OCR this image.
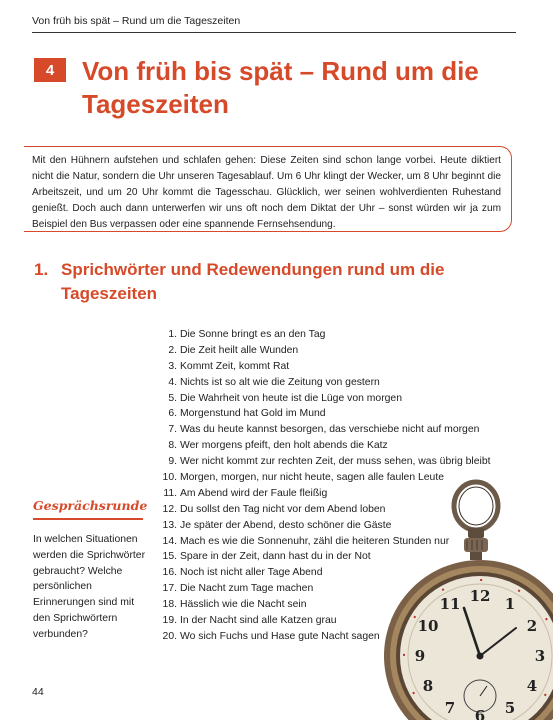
Von früh bis spät – Rund um die Tageszeiten
4	Von früh bis spät – Rund um die Tageszeiten

Mit den Hühnern aufstehen und schlafen gehen: Diese Zeiten sind schon lange vorbei. Heute diktiert nicht die Natur, sondern die Uhr unseren Tagesablauf. Um 6 Uhr klingt der Wecker, um 8 Uhr beginnt die Arbeitszeit, und um 20 Uhr kommt die Tagesschau. Glücklich, wer seinen wohlverdienten Ruhestand genießt. Doch auch dann unterwerfen wir uns oft noch dem Diktat der Uhr – sonst würden wir ja zum Beispiel den Bus verpassen oder eine spannende Fernsehsendung.

1. Sprichwörter und Redewendungen rund um die Tageszeiten
1. Die Sonne bringt es an den Tag
2. Die Zeit heilt alle Wunden
3. Kommt Zeit, kommt Rat
4. Nichts ist so alt wie die Zeitung von gestern
5. Die Wahrheit von heute ist die Lüge von morgen
6. Morgenstund hat Gold im Mund
7. Was du heute kannst besorgen, das verschiebe nicht auf morgen
8. Wer morgens pfeift, den holt abends die Katz
9. Wer nicht kommt zur rechten Zeit, der muss sehen, was übrig bleibt
10. Morgen, morgen, nur nicht heute, sagen alle faulen Leute
11. Am Abend wird der Faule fleißig
12. Du sollst den Tag nicht vor dem Abend loben
13. Je später der Abend, desto schöner die Gäste
14. Mach es wie die Sonnenuhr, zähl die heiteren Stunden nur
15. Spare in der Zeit, dann hast du in der Not
16. Noch ist nicht aller Tage Abend
17. Die Nacht zum Tage machen
18. Hässlich wie die Nacht sein
19. In der Nacht sind alle Katzen grau
20. Wo sich Fuchs und Hase gute Nacht sagen
Gesprächsrunde

In welchen Situationen werden die Sprichwörter gebraucht? Welche persönlichen Erinnerungen sind mit den Sprichwörtern verbunden?

44
12 1
2
3
4
5
6
7
8
9
10
11
